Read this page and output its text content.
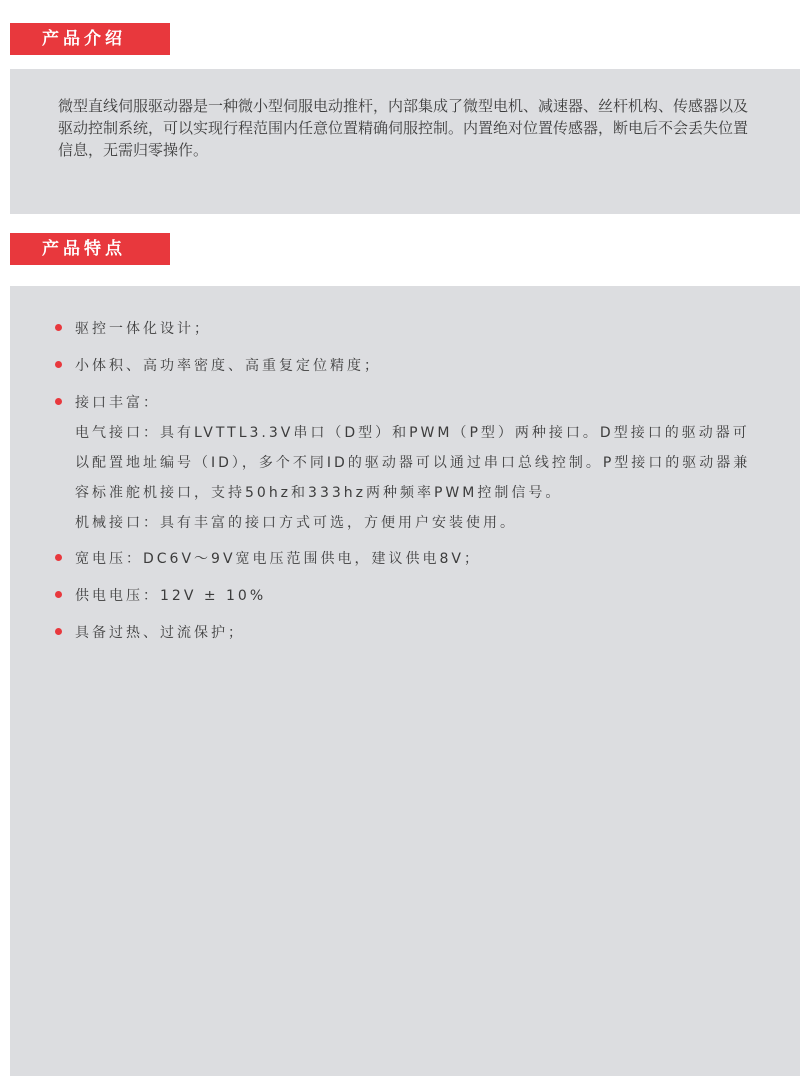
产品介绍

微型直线伺服驱动器是一种微小型伺服电动推杆，内部集成了微型电机、减速器、丝杆机构、传感器以及驱动控制系统，可以实现行程范围内任意位置精确伺服控制。内置绝对位置传感器，断电后不会丢失位置信息，无需归零操作。

产品特点
驱控一体化设计；
小体积、高功率密度、高重复定位精度；
接口丰富：

电气接口：具有LVTTL3.3V串口（D型）和PWM（P型）两种接口。D型接口的驱动器可以配置地址编号（ID），多个不同ID的驱动器可以通过串口总线控制。P型接口的驱动器兼容标准舵机接口，支持50hz和333hz两种频率PWM控制信号。

机械接口：具有丰富的接口方式可选，方便用户安装使用。

宽电压：DC6V～9V宽电压范围供电，建议供电8V；
供电电压：12V ± 10%
具备过热、过流保护；
